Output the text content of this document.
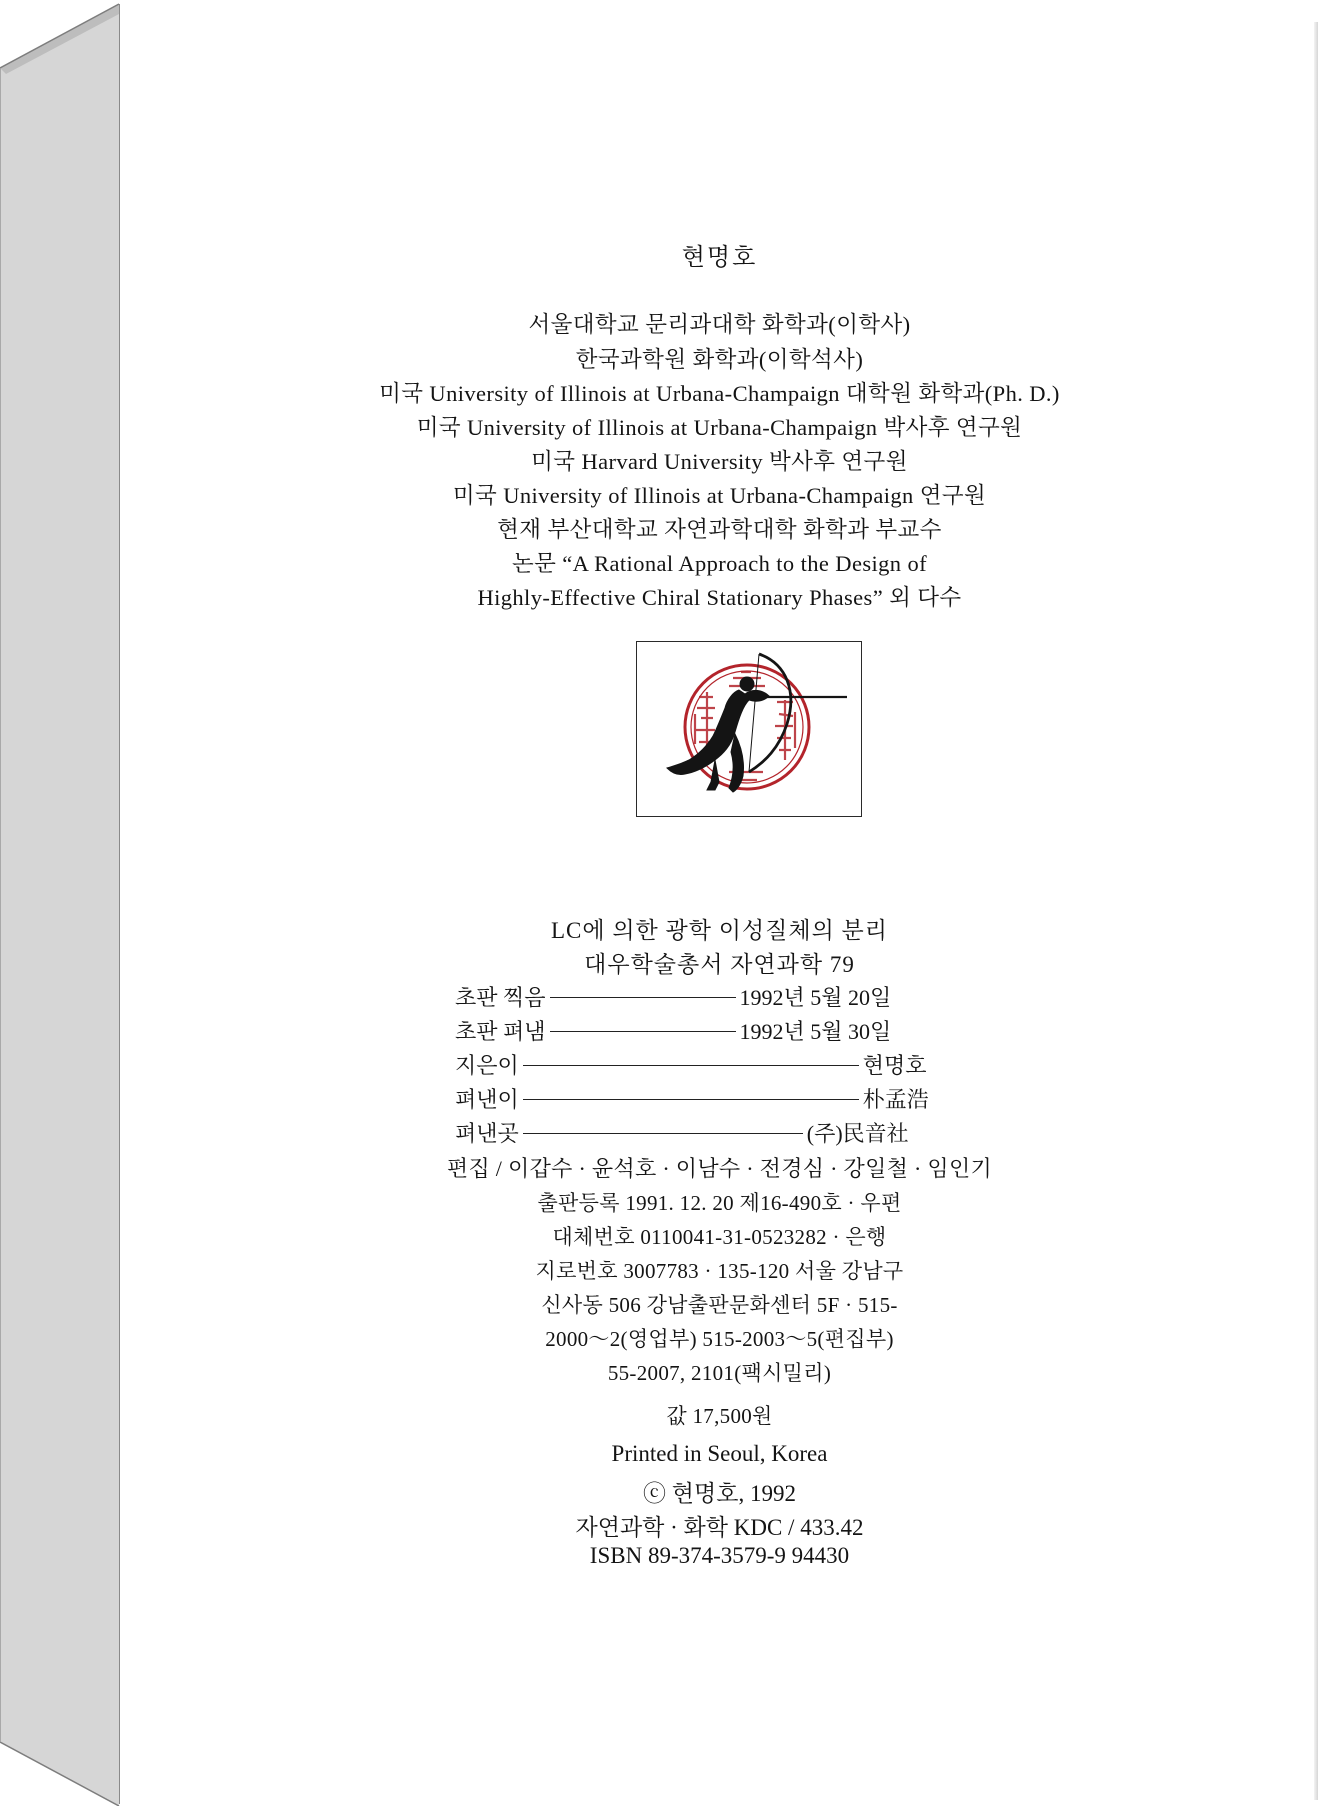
현명호
서울대학교 문리과대학 화학과(이학사)
한국과학원 화학과(이학석사)
미국 University of Illinois at Urbana-Champaign 대학원 화학과(Ph. D.)
미국 University of Illinois at Urbana-Champaign 박사후 연구원
미국 Harvard University 박사후 연구원
미국 University of Illinois at Urbana-Champaign 연구원
현재 부산대학교 자연과학대학 화학과 부교수
논문 “A Rational Approach to the Design of
Highly-Effective Chiral Stationary Phases” 외 다수
LC에 의한 광학 이성질체의 분리
대우학술총서 자연과학 79
초판 찍음	1992년 5월 20일
초판 펴냄	1992년 5월 30일
지은이	현명호
펴낸이	朴孟浩
펴낸곳	(주)民音社
편집 / 이갑수 · 윤석호 · 이남수 · 전경심 · 강일철 · 임인기
출판등록 1991. 12. 20 제16-490호 · 우편
대체번호 0110041-31-0523282 · 은행
지로번호 3007783 · 135-120 서울 강남구
신사동 506 강남출판문화센터 5F · 515-
2000～2(영업부) 515-2003～5(편집부)
55-2007, 2101(팩시밀리)
값 17,500원
Printed in Seoul, Korea
ⓒ 현명호, 1992
자연과학 · 화학 KDC / 433.42
ISBN 89-374-3579-9 94430
